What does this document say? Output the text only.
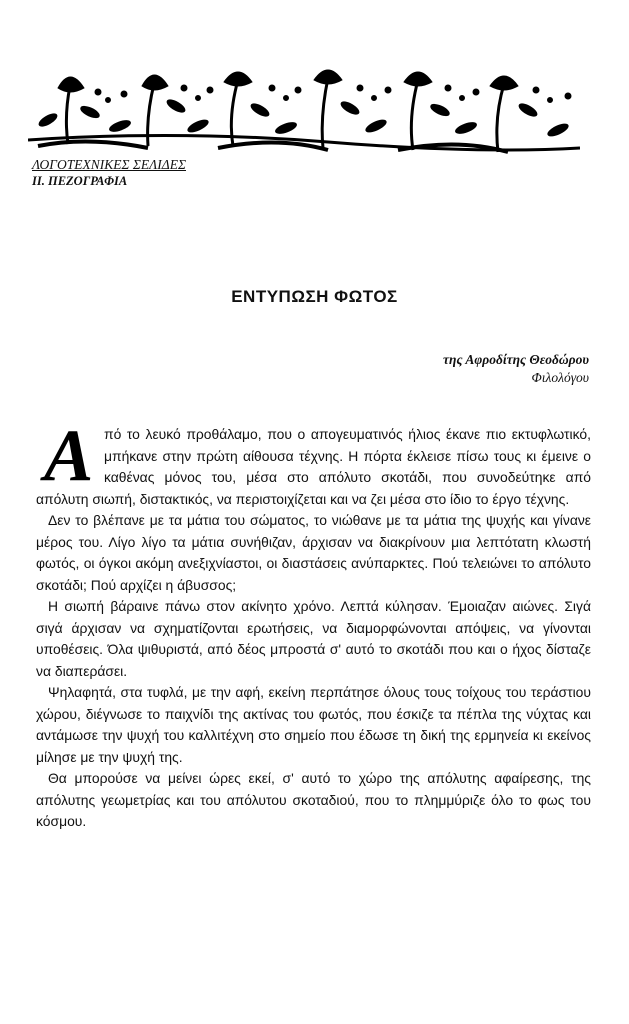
ΛΟΓΟΤΕΧΝΙΚΕΣ ΣΕΛΙΔΕΣ
ΙΙ. ΠΕΖΟΓΡΑΦΙΑ
ΕΝΤΥΠΩΣΗ ΦΩΤΟΣ
της Αφροδίτης Θεοδώρου
Φιλολόγου

Από το λευκό προθάλαμο, που ο απογευματινός ήλιος έκανε πιο εκτυφλωτικό, μπήκανε στην πρώτη αίθουσα τέχνης. Η πόρτα έκλεισε πίσω τους κι έμεινε ο καθένας μόνος του, μέσα στο απόλυτο σκοτάδι, που συνοδεύτηκε από απόλυτη σιωπή, διστακτικός, να περιστοιχίζεται και να ζει μέσα στο ίδιο το έργο τέχνης.

Δεν το βλέπανε με τα μάτια του σώματος, το νιώθανε με τα μάτια της ψυχής και γίνανε μέρος του. Λίγο λίγο τα μάτια συνήθιζαν, άρχισαν να διακρίνουν μια λεπτότατη κλωστή φωτός, οι όγκοι ακόμη ανεξιχνίαστοι, οι διαστάσεις ανύπαρκτες. Πού τελειώνει το απόλυτο σκοτάδι; Πού αρχίζει η άβυσσος;

Η σιωπή βάραινε πάνω στον ακίνητο χρόνο. Λεπτά κύλησαν. Έμοιαζαν αιώνες. Σιγά σιγά άρχισαν να σχηματίζονται ερωτήσεις, να διαμορφώνονται απόψεις, να γίνονται υποθέσεις. Όλα ψιθυριστά, από δέος μπροστά σ' αυτό το σκοτάδι που και ο ήχος δίσταζε να διαπεράσει.

Ψηλαφητά, στα τυφλά, με την αφή, εκείνη περπάτησε όλους τους τοίχους του τεράστιου χώρου, διέγνωσε το παιχνίδι της ακτίνας του φωτός, που έσκιζε τα πέπλα της νύχτας και αντάμωσε την ψυχή του καλλιτέχνη στο σημείο που έδωσε τη δική της ερμηνεία κι εκείνος μίλησε με την ψυχή της.

Θα μπορούσε να μείνει ώρες εκεί, σ' αυτό το χώρο της απόλυτης αφαίρεσης, της απόλυτης γεωμετρίας και του απόλυτου σκοταδιού, που το πλημμύριζε όλο το φως του κόσμου.
